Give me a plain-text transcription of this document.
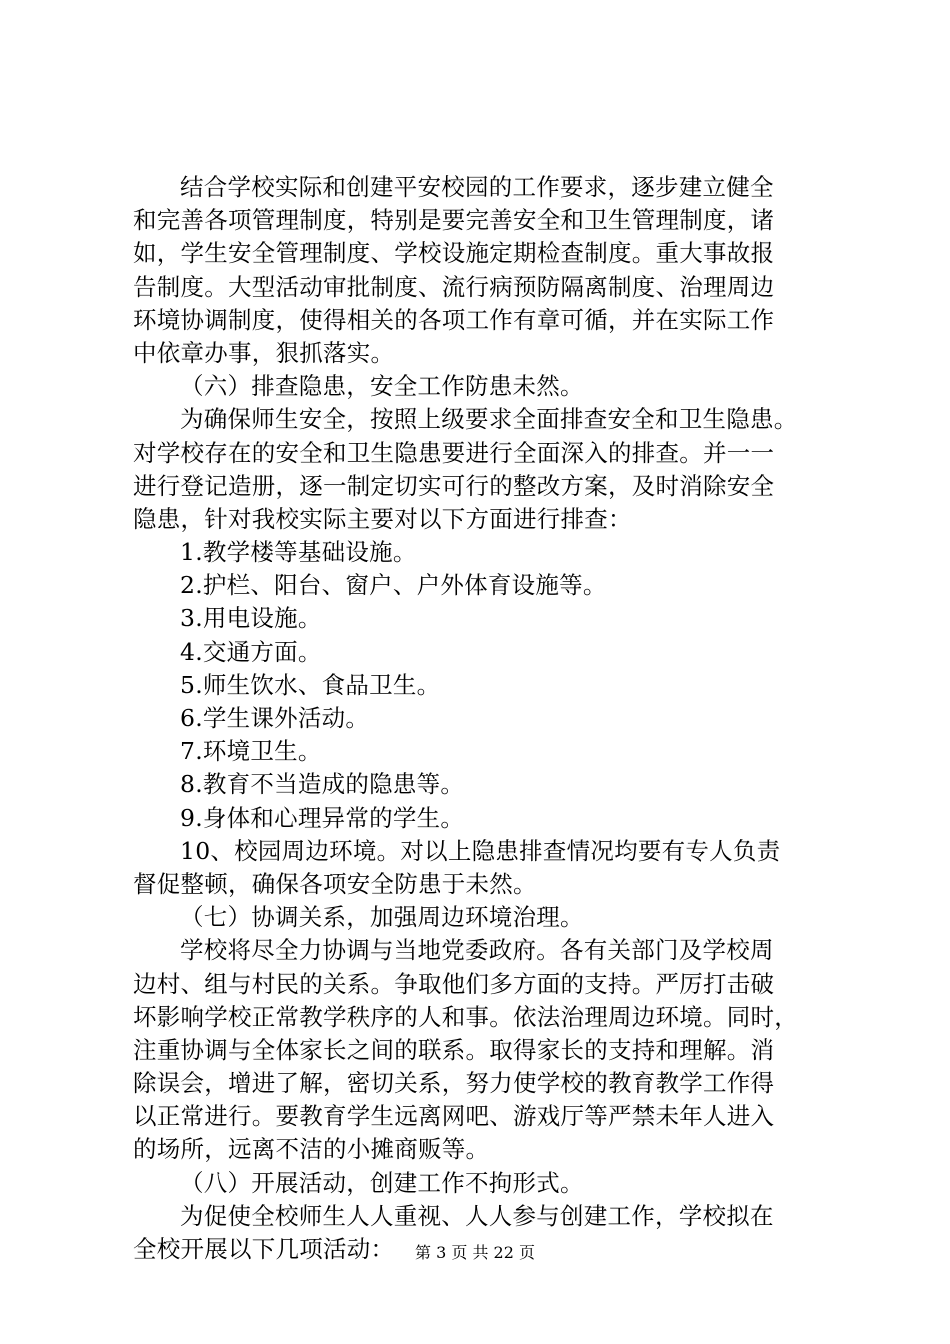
结合学校实际和创建平安校园的工作要求，逐步建立健全
和完善各项管理制度，特别是要完善安全和卫生管理制度，诸
如，学生安全管理制度、学校设施定期检查制度。重大事故报
告制度。大型活动审批制度、流行病预防隔离制度、治理周边
环境协调制度，使得相关的各项工作有章可循，并在实际工作
中依章办事，狠抓落实。
（六）排查隐患，安全工作防患未然。
为确保师生安全，按照上级要求全面排查安全和卫生隐患。
对学校存在的安全和卫生隐患要进行全面深入的排查。并一一
进行登记造册，逐一制定切实可行的整改方案，及时消除安全
隐患，针对我校实际主要对以下方面进行排查：
1.教学楼等基础设施。
2.护栏、阳台、窗户、户外体育设施等。
3.用电设施。
4.交通方面。
5.师生饮水、食品卫生。
6.学生课外活动。
7.环境卫生。
8.教育不当造成的隐患等。
9.身体和心理异常的学生。
10、校园周边环境。对以上隐患排查情况均要有专人负责
督促整顿，确保各项安全防患于未然。
（七）协调关系，加强周边环境治理。
学校将尽全力协调与当地党委政府。各有关部门及学校周
边村、组与村民的关系。争取他们多方面的支持。严厉打击破
坏影响学校正常教学秩序的人和事。依法治理周边环境。同时，
注重协调与全体家长之间的联系。取得家长的支持和理解。消
除误会，增进了解，密切关系，努力使学校的教育教学工作得
以正常进行。要教育学生远离网吧、游戏厅等严禁未年人进入
的场所，远离不洁的小摊商贩等。
（八）开展活动，创建工作不拘形式。
为促使全校师生人人重视、人人参与创建工作，学校拟在
全校开展以下几项活动：	第 3 页 共 22 页
